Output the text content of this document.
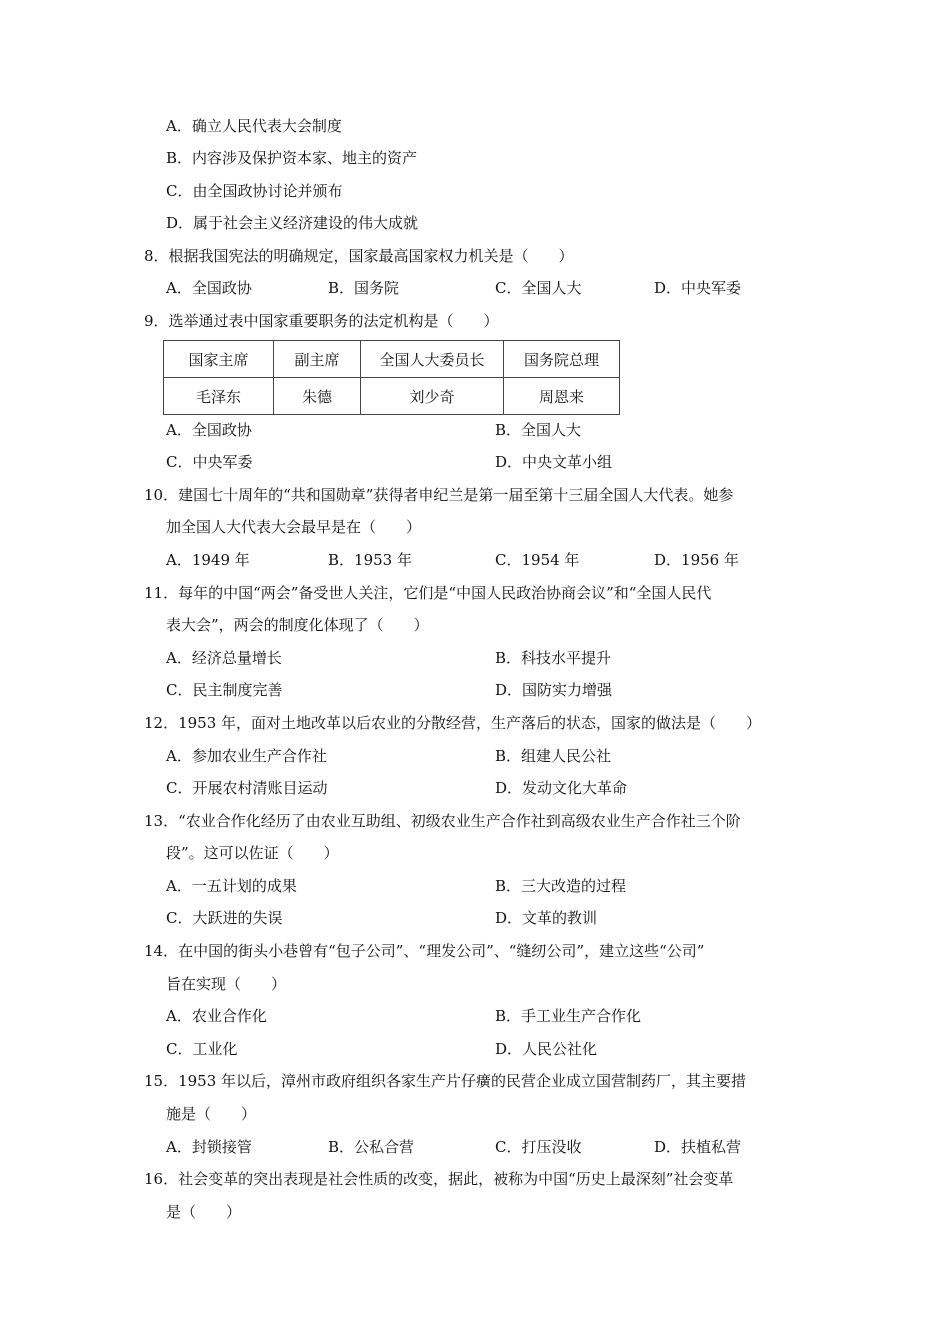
A．确立人民代表大会制度
B．内容涉及保护资本家、地主的资产
C．由全国政协讨论并颁布
D．属于社会主义经济建设的伟大成就
8．根据我国宪法的明确规定，国家最高国家权力机关是（　　）
A．全国政协	B．国务院	C．全国人大	D．中央军委
9．选举通过表中国家重要职务的法定机构是（　　）
国家主席	副主席	全国人大委员长	国务院总理
毛泽东	朱德	刘少奇	周恩来
A．全国政协	B．全国人大
C．中央军委	D．中央文革小组
10．建国七十周年的“共和国勋章”获得者申纪兰是第一届至第十三届全国人大代表。她参
加全国人大代表大会最早是在（　　）
A．1949 年	B．1953 年	C．1954 年	D．1956 年
11．每年的中国“两会”备受世人关注，它们是“中国人民政治协商会议”和“全国人民代
表大会”，两会的制度化体现了（　　）
A．经济总量增长	B．科技水平提升
C．民主制度完善	D．国防实力增强
12．1953 年，面对土地改革以后农业的分散经营，生产落后的状态，国家的做法是（　　）
A．参加农业生产合作社	B．组建人民公社
C．开展农村清账目运动	D．发动文化大革命
13．“农业合作化经历了由农业互助组、初级农业生产合作社到高级农业生产合作社三个阶
段”。这可以佐证（　　）
A．一五计划的成果	B．三大改造的过程
C．大跃进的失误	D．文革的教训
14．在中国的街头小巷曾有“包子公司”、“理发公司”、“缝纫公司”，建立这些“公司”
旨在实现（　　）
A．农业合作化	B．手工业生产合作化
C．工业化	D．人民公社化
15．1953 年以后，漳州市政府组织各家生产片仔癀的民营企业成立国营制药厂，其主要措
施是（　　）
A．封锁接管	B．公私合营	C．打压没收	D．扶植私营
16．社会变革的突出表现是社会性质的改变，据此，被称为中国“历史上最深刻”社会变革
是（　　）
